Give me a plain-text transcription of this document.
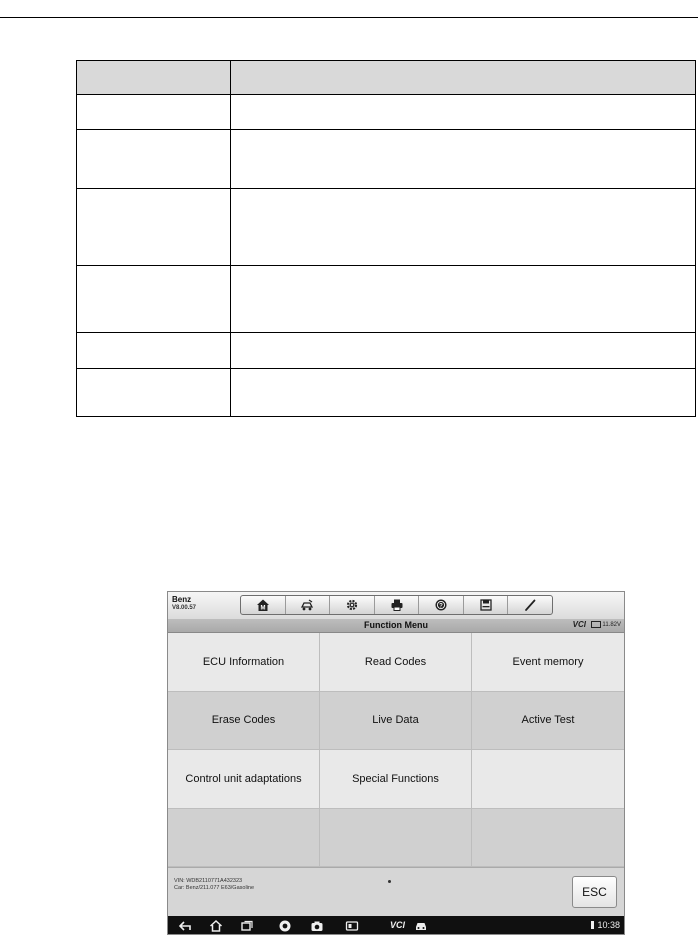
Benz
V8.00.57	M	?
Function Menu	VCI	11.82V
ECU Information	Read Codes	Event memory
Erase Codes	Live Data	Active Test
Control unit adaptations	Special Functions
VIN: WDB2110771A432323
Car: Benz/211.077 E63/Gasoline	ESC
VCI	10:38
